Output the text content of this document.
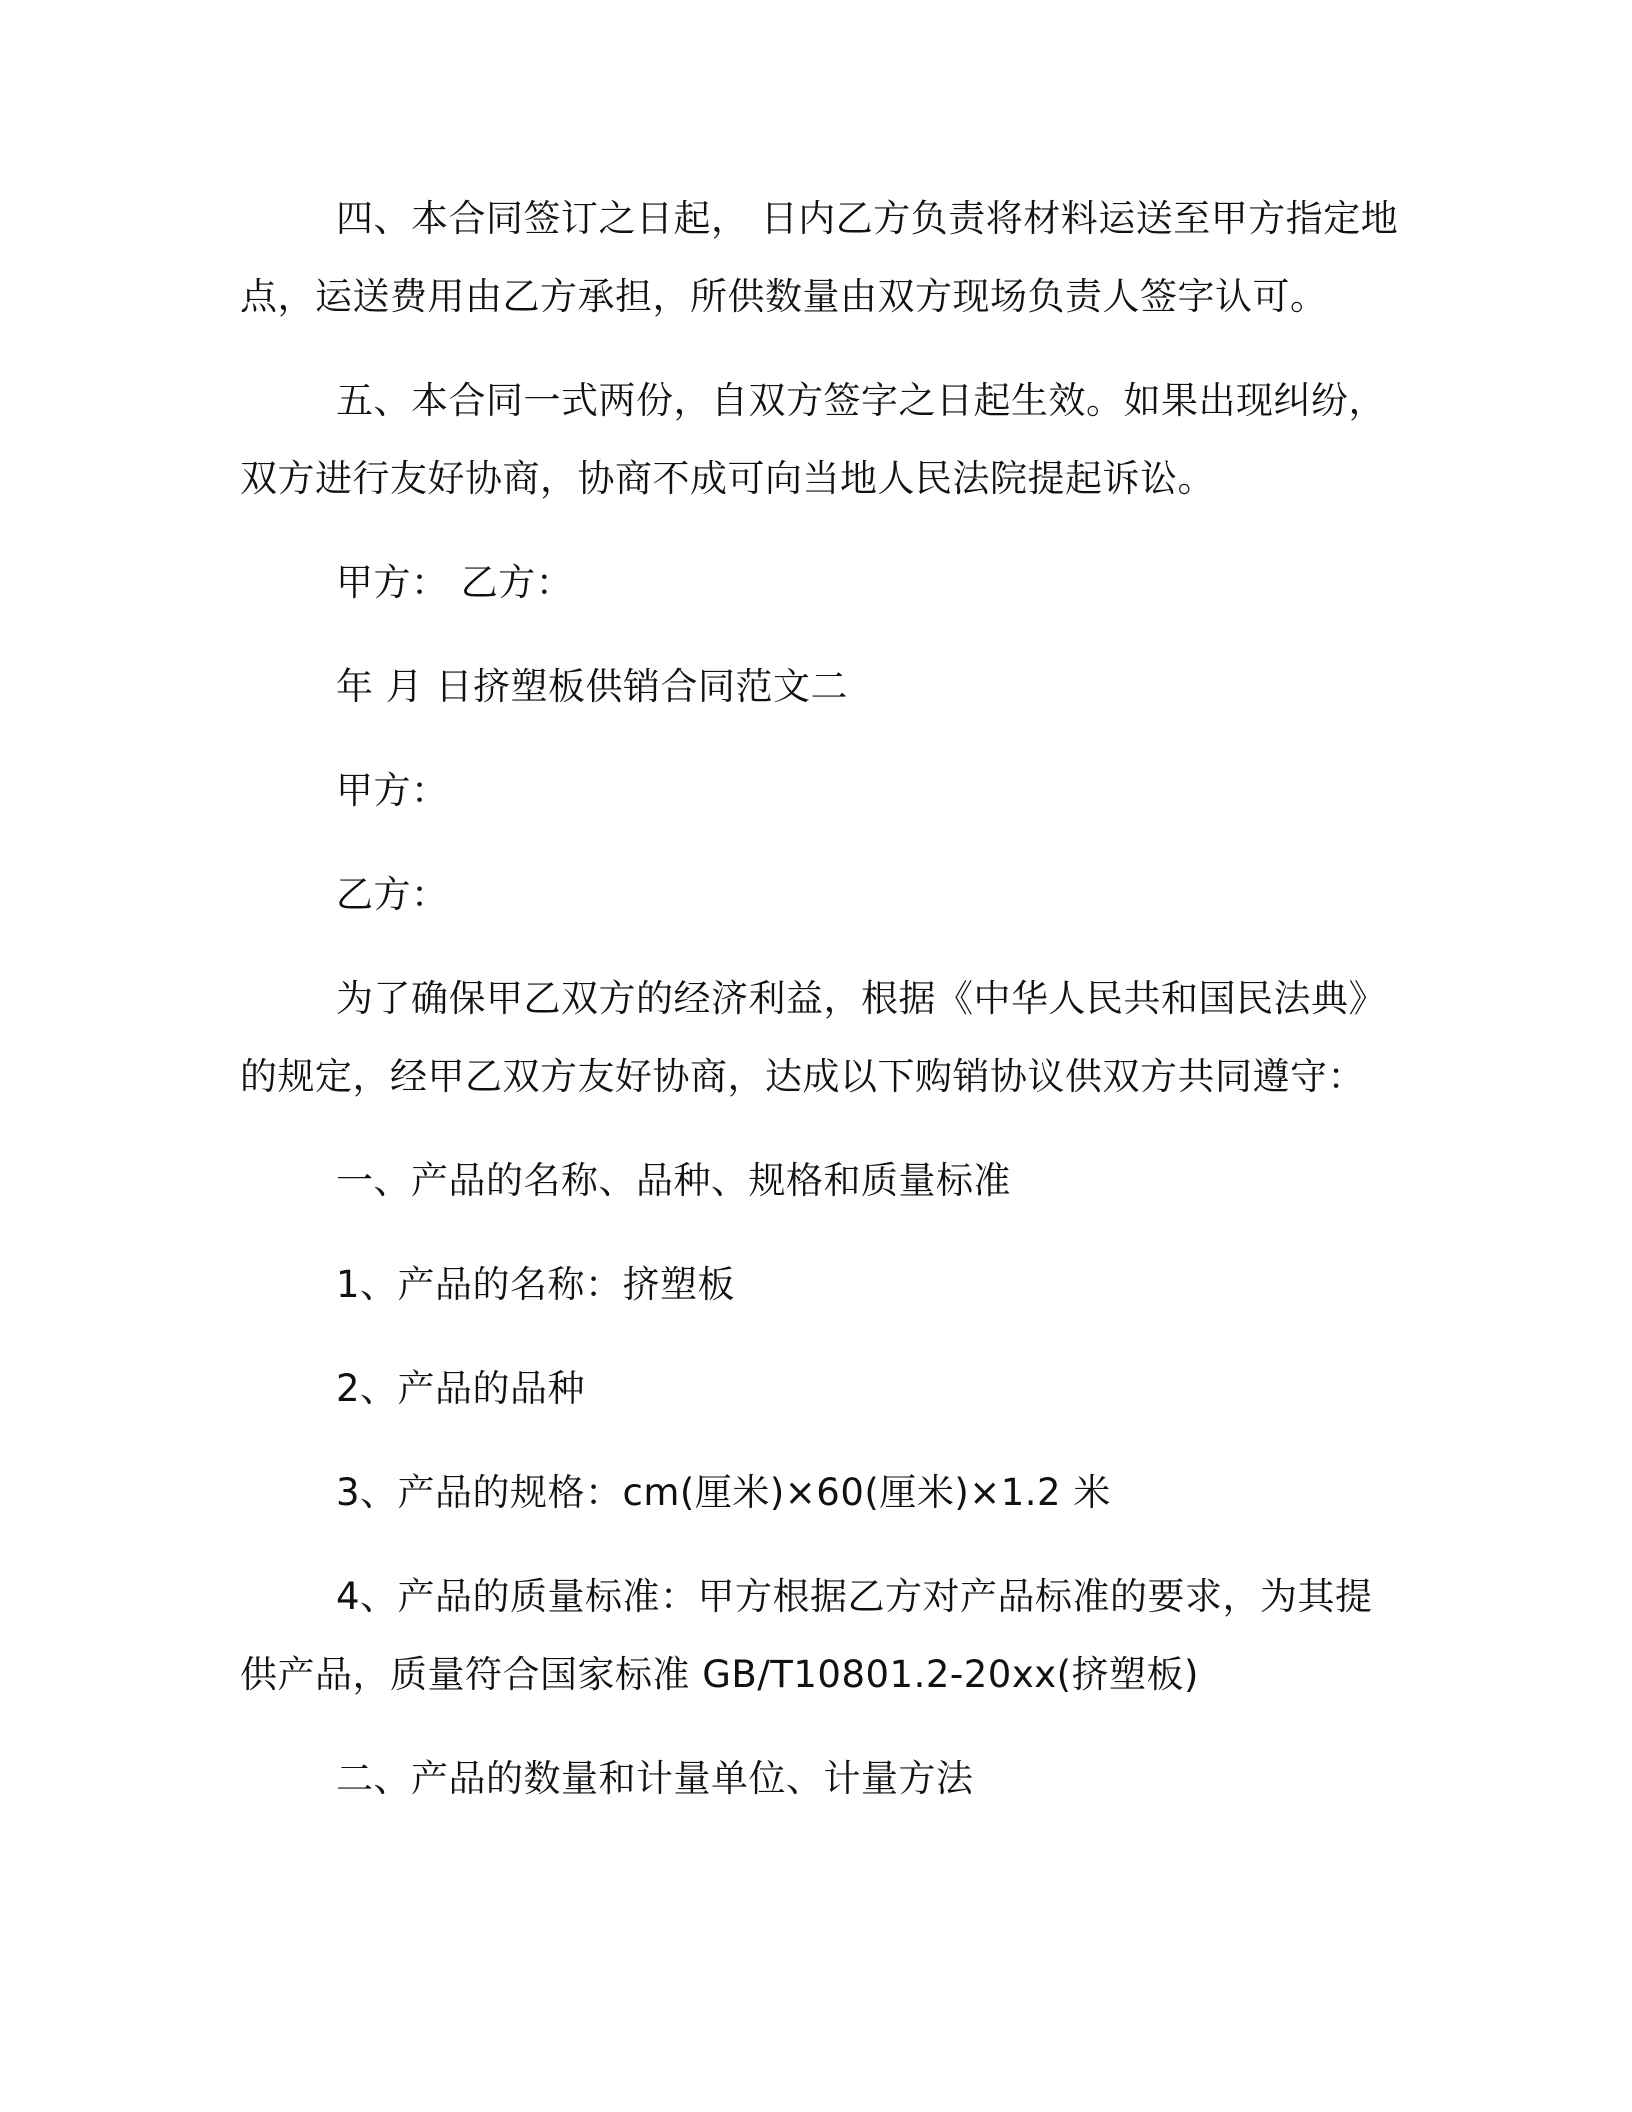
四、本合同签订之日起， 日内乙方负责将材料运送至甲方指定地点，运送费用由乙方承担，所供数量由双方现场负责人签字认可。

五、本合同一式两份，自双方签字之日起生效。如果出现纠纷，双方进行友好协商，协商不成可向当地人民法院提起诉讼。

甲方： 乙方：

年 月 日挤塑板供销合同范文二

甲方：

乙方：

为了确保甲乙双方的经济利益，根据《中华人民共和国民法典》的规定，经甲乙双方友好协商，达成以下购销协议供双方共同遵守：

一、产品的名称、品种、规格和质量标准

1、产品的名称：挤塑板

2、产品的品种

3、产品的规格：cm(厘米)×60(厘米)×1.2 米

4、产品的质量标准：甲方根据乙方对产品标准的要求，为其提供产品，质量符合国家标准 GB/T10801.2-20xx(挤塑板)

二、产品的数量和计量单位、计量方法
